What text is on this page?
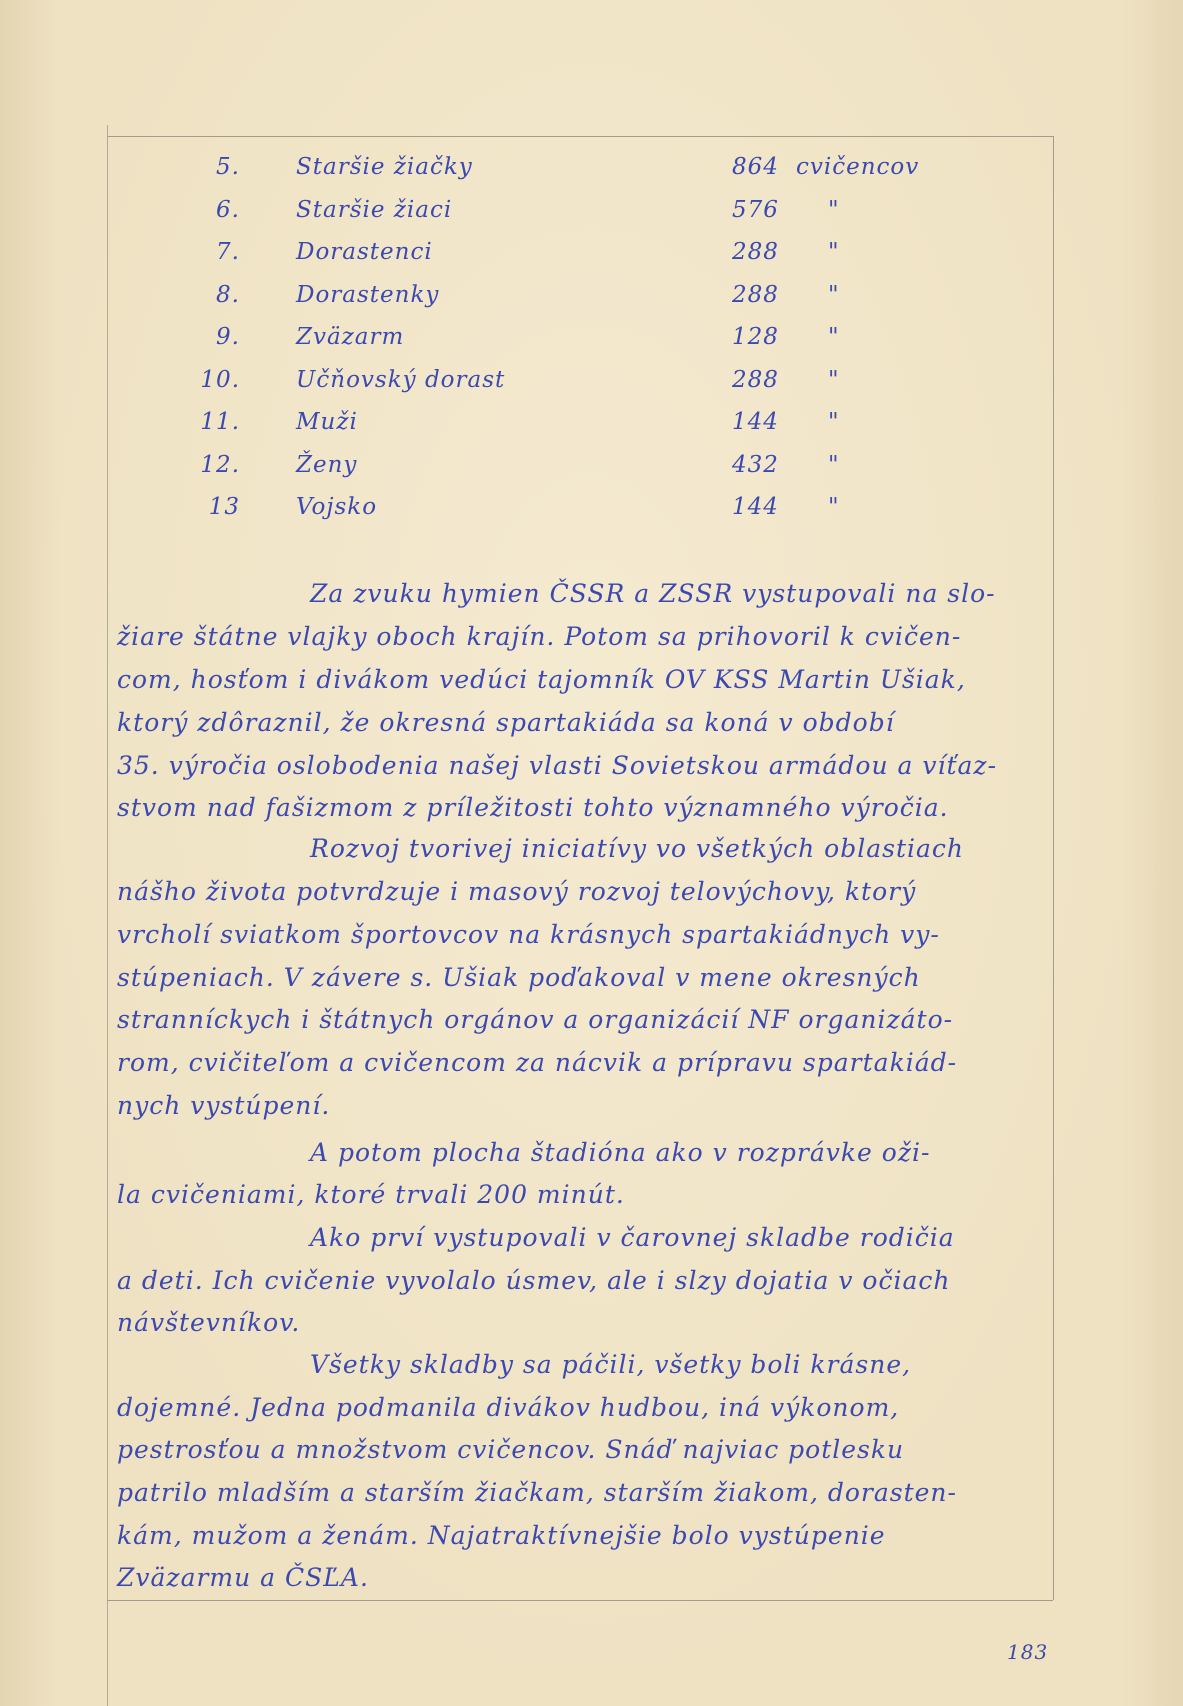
5. Staršie žiačky	864 cvičencov
6. Staršie žiaci	576 "
7. Dorastenci	288 "
8. Dorastenky	288 "
9. Zväzarm	128 "
10. Učňovský dorast	288 "
11. Muži	144 "
12. Ženy	432 "
13 Vojsko	144 "
Za zvuku hymien ČSSR a ZSSR vystupovali na slo-
žiare štátne vlajky oboch krajín. Potom sa prihovoril k cvičen-
com, hosťom i divákom vedúci tajomník OV KSS Martin Ušiak,
ktorý zdôraznil, že okresná spartakiáda sa koná v období
35. výročia oslobodenia našej vlasti Sovietskou armádou a víťaz-
stvom nad fašizmom z príležitosti tohto významného výročia.
Rozvoj tvorivej iniciatívy vo všetkých oblastiach
nášho života potvrdzuje i masový rozvoj telovýchovy, ktorý
vrcholí sviatkom športovcov na krásnych spartakiádnych vy-
stúpeniach. V závere s. Ušiak poďakoval v mene okresných
stranníckych i štátnych orgánov a organizácií NF organizáto-
rom, cvičiteľom a cvičencom za nácvik a prípravu spartakiád-
nych vystúpení.
A potom plocha štadióna ako v rozprávke oži-
la cvičeniami, ktoré trvali 200 minút.
Ako prví vystupovali v čarovnej skladbe rodičia
a deti. Ich cvičenie vyvolalo úsmev, ale i slzy dojatia v očiach
návštevníkov.
Všetky skladby sa páčili, všetky boli krásne,
dojemné. Jedna podmanila divákov hudbou, iná výkonom,
pestrosťou a množstvom cvičencov. Snáď najviac potlesku
patrilo mladším a starším žiačkam, starším žiakom, dorasten-
kám, mužom a ženám. Najatraktívnejšie bolo vystúpenie
Zväzarmu a ČSĽA.
183
